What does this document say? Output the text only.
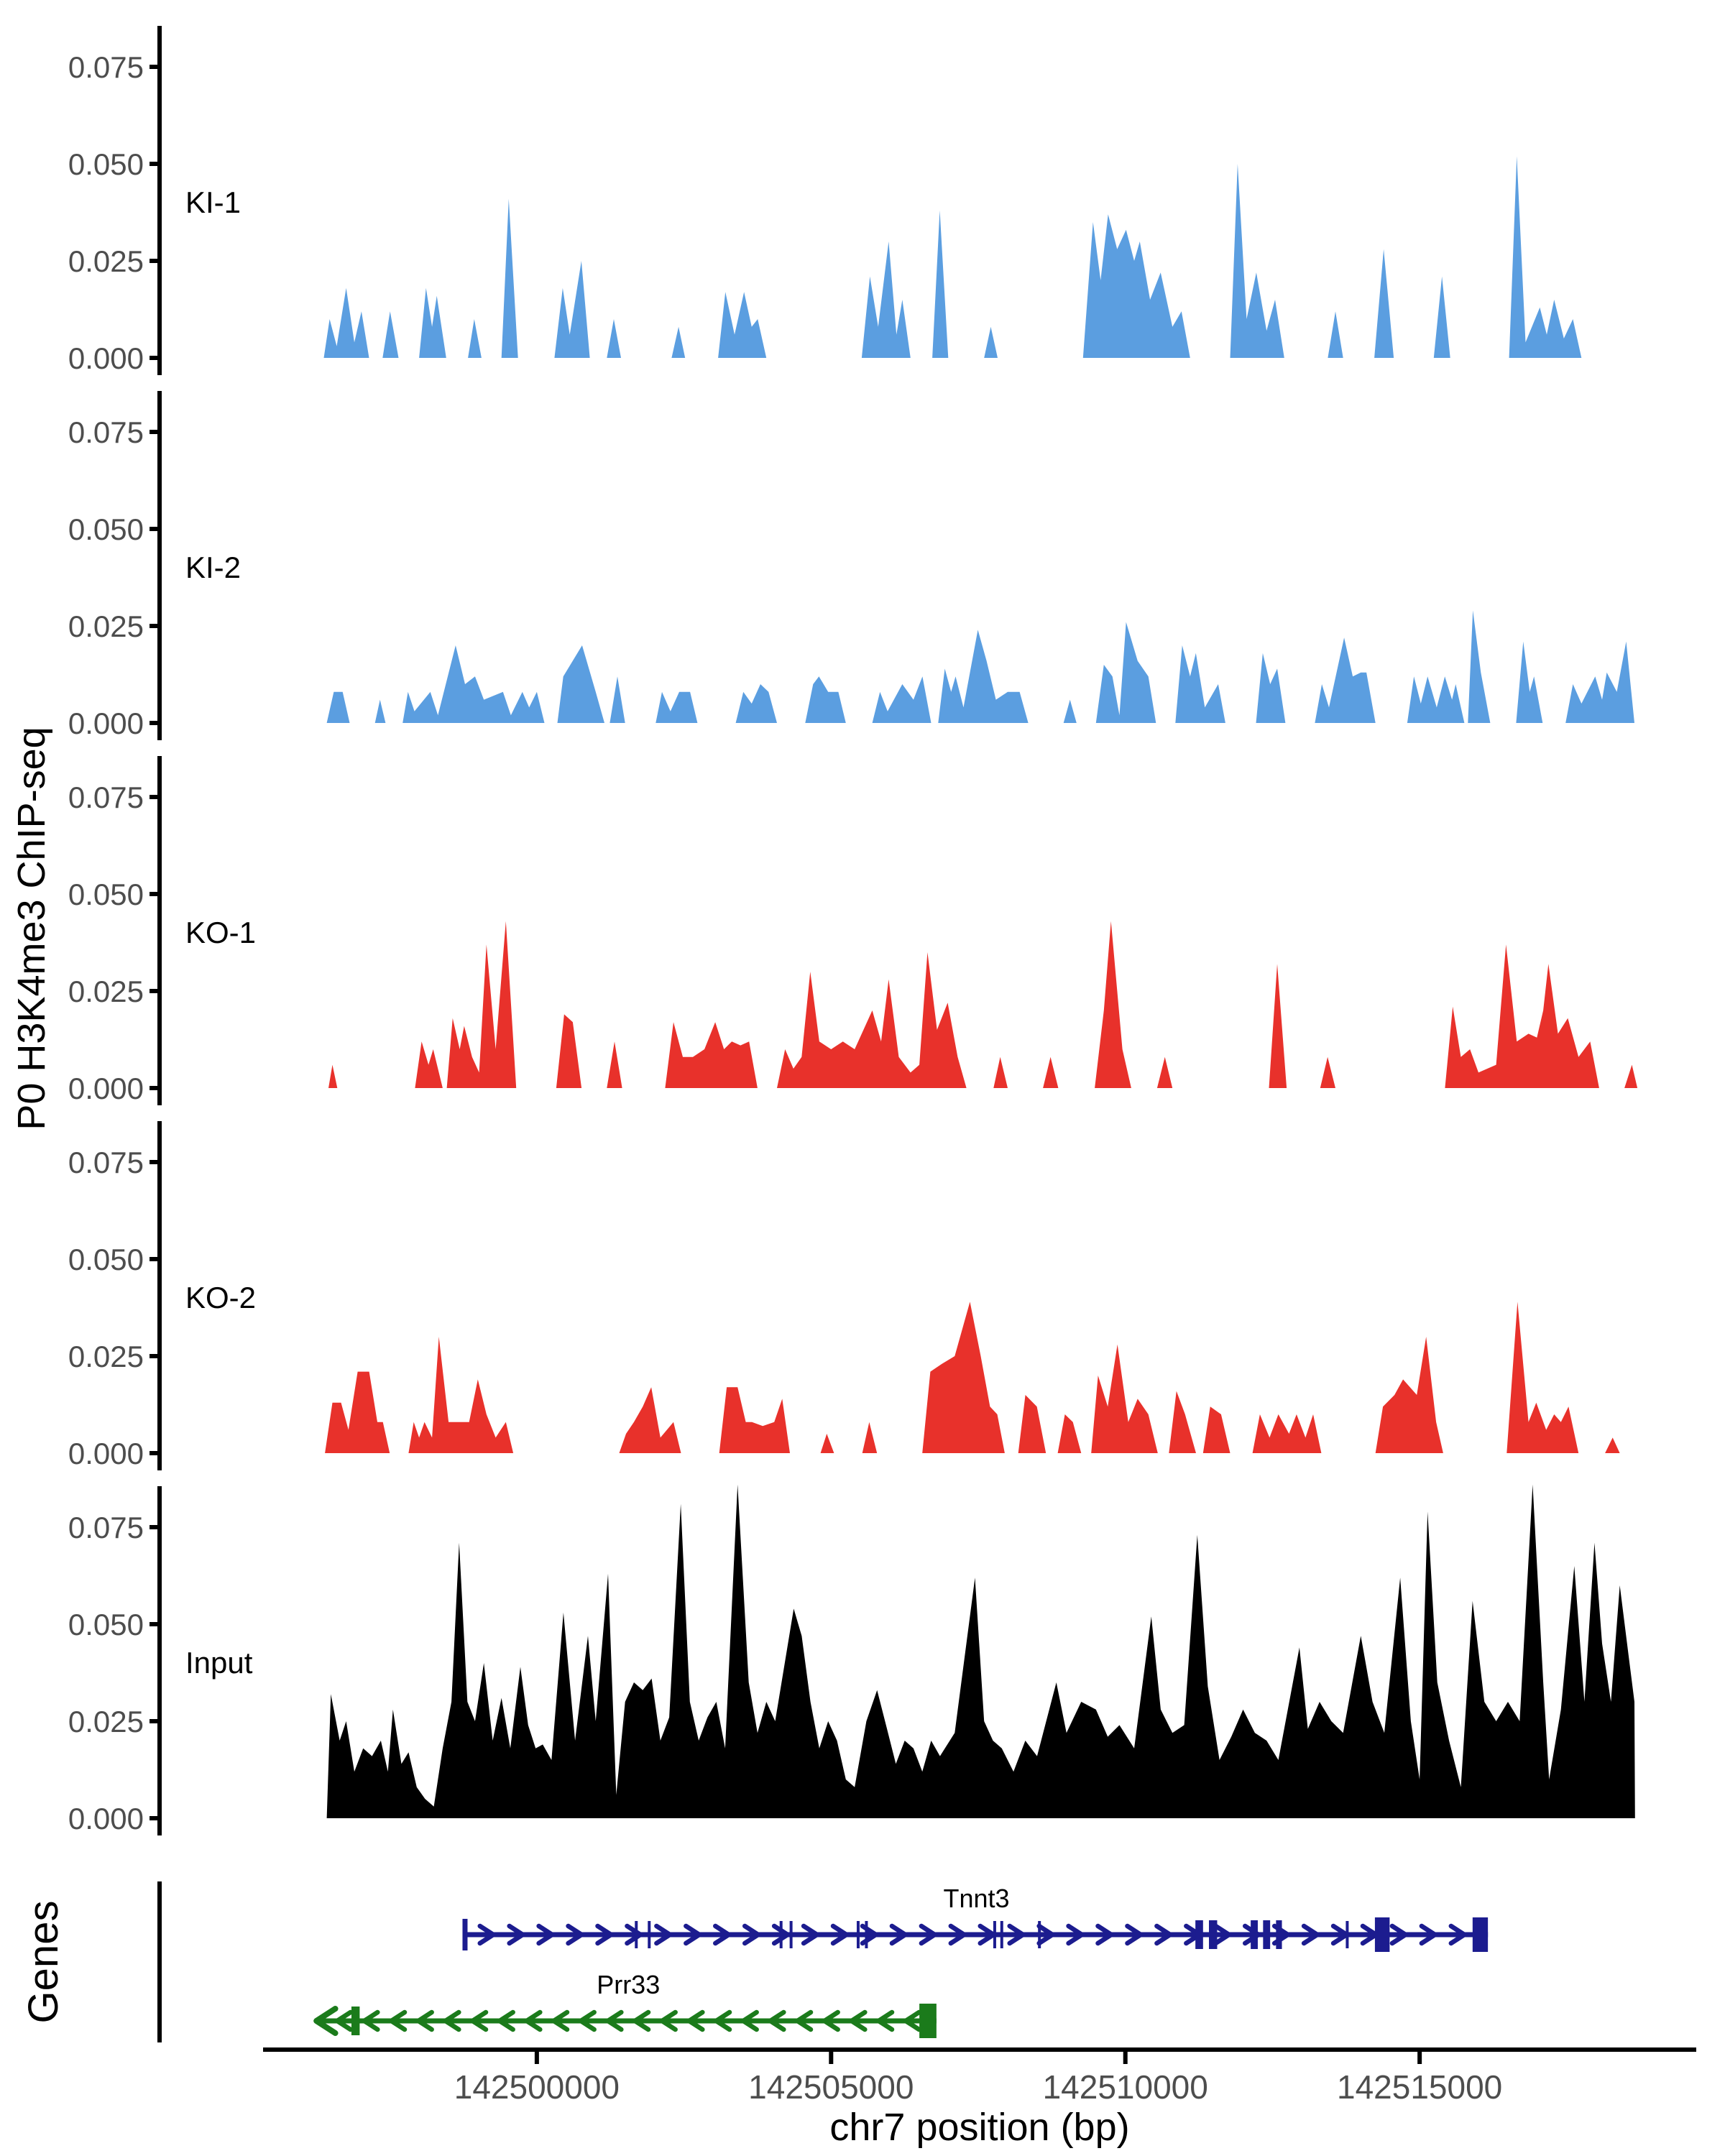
P0 H3K4me3 ChIP-seq
Genes
chr7 position (bp)
0.000
0.025
0.050
0.075
KI-1
0.000
0.025
0.050
0.075
KI-2
0.000
0.025
0.050
0.075
KO-1
0.000
0.025
0.050
0.075
KO-2
0.000
0.025
0.050
0.075
Input
Tnnt3
Prr33
142500000	142505000	142510000	142515000
